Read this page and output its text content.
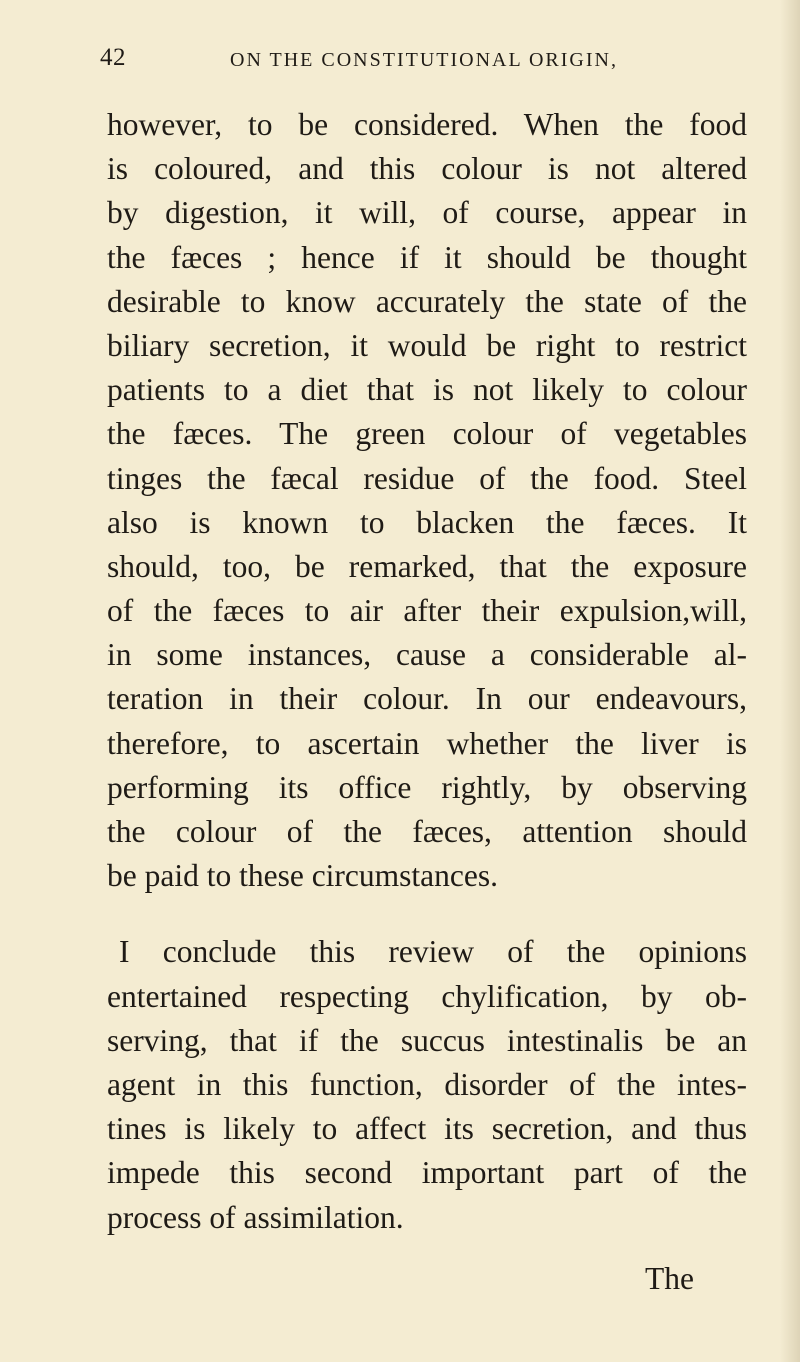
42	ON THE CONSTITUTIONAL ORIGIN,
however, to be considered. When the food
is coloured, and this colour is not altered
by digestion, it will, of course, appear in
the fæces ; hence if it should be thought
desirable to know accurately the state of the
biliary secretion, it would be right to restrict
patients to a diet that is not likely to colour
the fæces. The green colour of vegetables
tinges the fæcal residue of the food. Steel
also is known to blacken the fæces. It
should, too, be remarked, that the exposure
of the fæces to air after their expulsion,will,
in some instances, cause a considerable al-
teration in their colour. In our endeavours,
therefore, to ascertain whether the liver is
performing its office rightly, by observing
the colour of the fæces, attention should
be paid to these circumstances.
I conclude this review of the opinions
entertained respecting chylification, by ob-
serving, that if the succus intestinalis be an
agent in this function, disorder of the intes-
tines is likely to affect its secretion, and thus
impede this second important part of the
process of assimilation.
The
